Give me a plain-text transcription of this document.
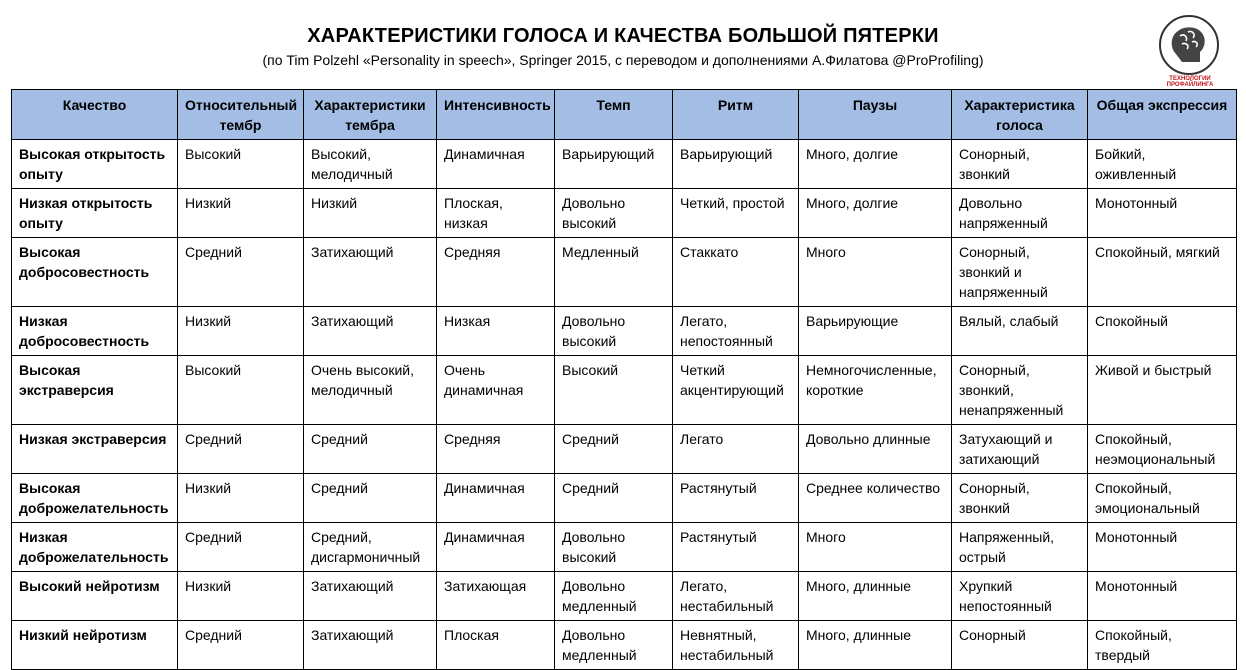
ХАРАКТЕРИСТИКИ ГОЛОСА И КАЧЕСТВА БОЛЬШОЙ ПЯТЕРКИ
(по Tim Polzehl «Personality in speech», Springer 2015, с переводом и дополнениями А.Филатова @ProProfiling)
ТЕХНОЛОГИИ ПРОФАЙЛИНГА
Качество	Относительный тембр	Характеристики тембра	Интенсивность	Темп	Ритм	Паузы	Характеристика голоса	Общая экспрессия
Высокая открытость опыту	Высокий	Высокий, мелодичный	Динамичная	Варьирующий	Варьирующий	Много, долгие	Сонорный, звонкий	Бойкий, оживленный
Низкая открытость опыту	Низкий	Низкий	Плоская, низкая	Довольно высокий	Четкий, простой	Много, долгие	Довольно напряженный	Монотонный
Высокая добросовестность	Средний	Затихающий	Средняя	Медленный	Стаккато	Много	Сонорный, звонкий и напряженный	Спокойный, мягкий
Низкая добросовестность	Низкий	Затихающий	Низкая	Довольно высокий	Легато, непостоянный	Варьирующие	Вялый, слабый	Спокойный
Высокая экстраверсия	Высокий	Очень высокий, мелодичный	Очень динамичная	Высокий	Четкий акцентирующий	Немногочисленные, короткие	Сонорный, звонкий, ненапряженный	Живой и быстрый
Низкая экстраверсия	Средний	Средний	Средняя	Средний	Легато	Довольно длинные	Затухающий и затихающий	Спокойный, неэмоциональный
Высокая доброжелательность	Низкий	Средний	Динамичная	Средний	Растянутый	Среднее количество	Сонорный, звонкий	Спокойный, эмоциональный
Низкая доброжелательность	Средний	Средний, дисгармоничный	Динамичная	Довольно высокий	Растянутый	Много	Напряженный, острый	Монотонный
Высокий нейротизм	Низкий	Затихающий	Затихающая	Довольно медленный	Легато, нестабильный	Много, длинные	Хрупкий непостоянный	Монотонный
Низкий нейротизм	Средний	Затихающий	Плоская	Довольно медленный	Невнятный, нестабильный	Много, длинные	Сонорный	Спокойный, твердый
